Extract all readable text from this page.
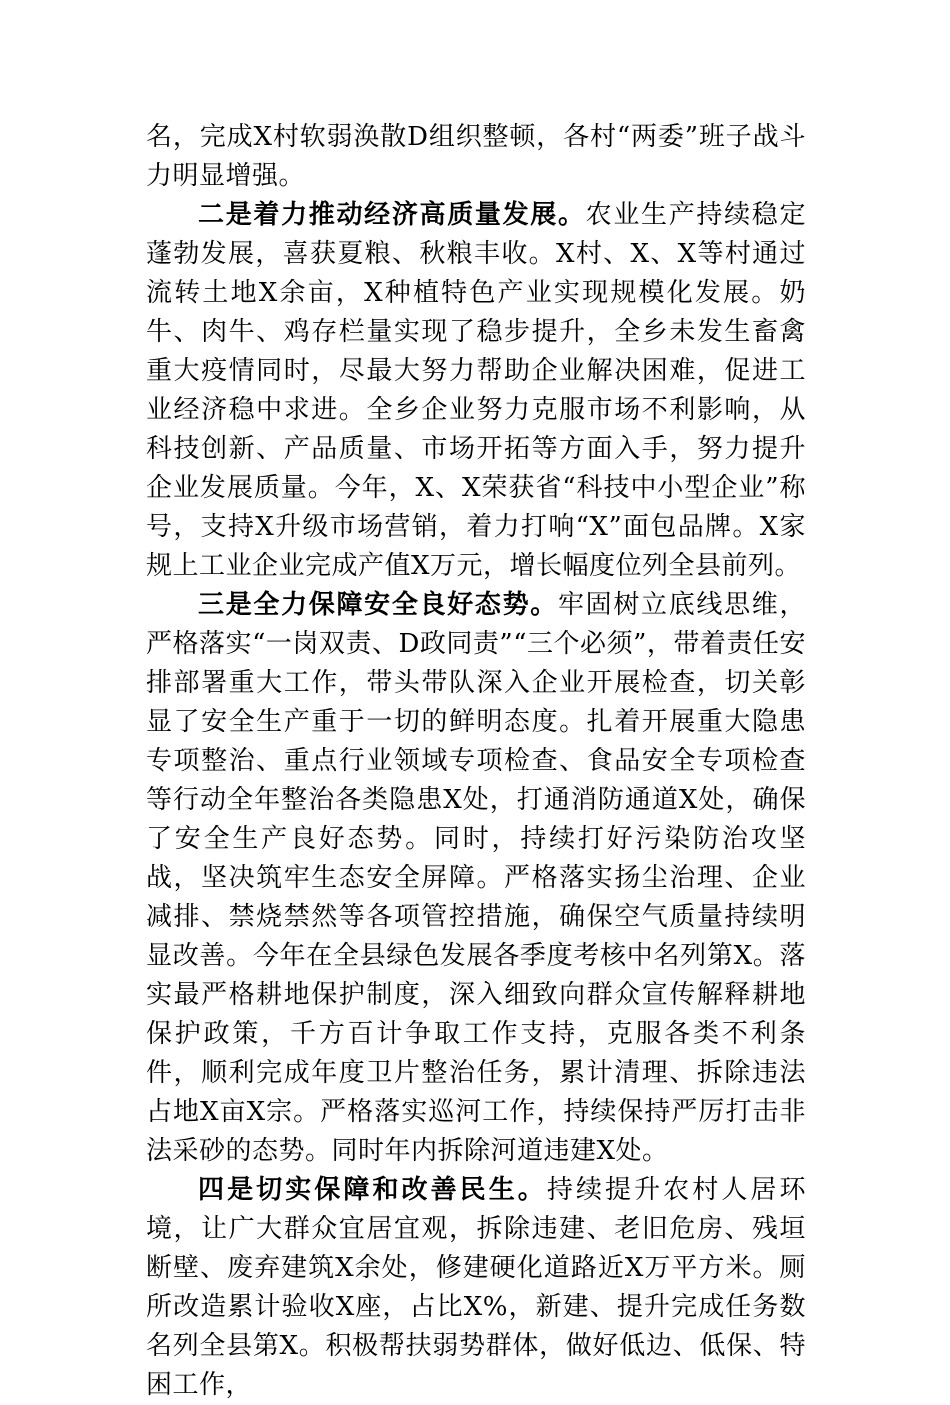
名，完成X村软弱涣散D组织整顿，各村“两委”班子战斗力明显增强。

二是着力推动经济高质量发展。农业生产持续稳定蓬勃发展，喜获夏粮、秋粮丰收。X村、X、X等村通过流转土地X余亩，X种植特色产业实现规模化发展。奶牛、肉牛、鸡存栏量实现了稳步提升，全乡未发生畜禽重大疫情同时，尽最大努力帮助企业解决困难，促进工业经济稳中求进。全乡企业努力克服市场不利影响，从科技创新、产品质量、市场开拓等方面入手，努力提升企业发展质量。今年，X、X荣获省“科技中小型企业”称号，支持X升级市场营销，着力打响“X”面包品牌。X家规上工业企业完成产值X万元，增长幅度位列全县前列。

三是全力保障安全良好态势。牢固树立底线思维，严格落实“一岗双责、D政同责”“三个必须”，带着责任安排部署重大工作，带头带队深入企业开展检查，切关彰显了安全生产重于一切的鲜明态度。扎着开展重大隐患专项整治、重点行业领域专项检查、食品安全专项检查等行动全年整治各类隐患X处，打通消防通道X处，确保了安全生产良好态势。同时，持续打好污染防治攻坚战，坚决筑牢生态安全屏障。严格落实扬尘治理、企业减排、禁烧禁然等各项管控措施，确保空气质量持续明显改善。今年在全县绿色发展各季度考核中名列第X。落实最严格耕地保护制度，深入细致向群众宣传解释耕地保护政策，千方百计争取工作支持，克服各类不利条件，顺利完成年度卫片整治任务，累计清理、拆除违法占地X亩X宗。严格落实巡河工作，持续保持严厉打击非法采砂的态势。同时年内拆除河道违建X处。

四是切实保障和改善民生。持续提升农村人居环境，让广大群众宜居宜观，拆除违建、老旧危房、残垣断壁、废弃建筑X余处，修建硬化道路近X万平方米。厕所改造累计验收X座，占比X%，新建、提升完成任务数名列全县第X。积极帮扶弱势群体，做好低边、低保、特困工作，
